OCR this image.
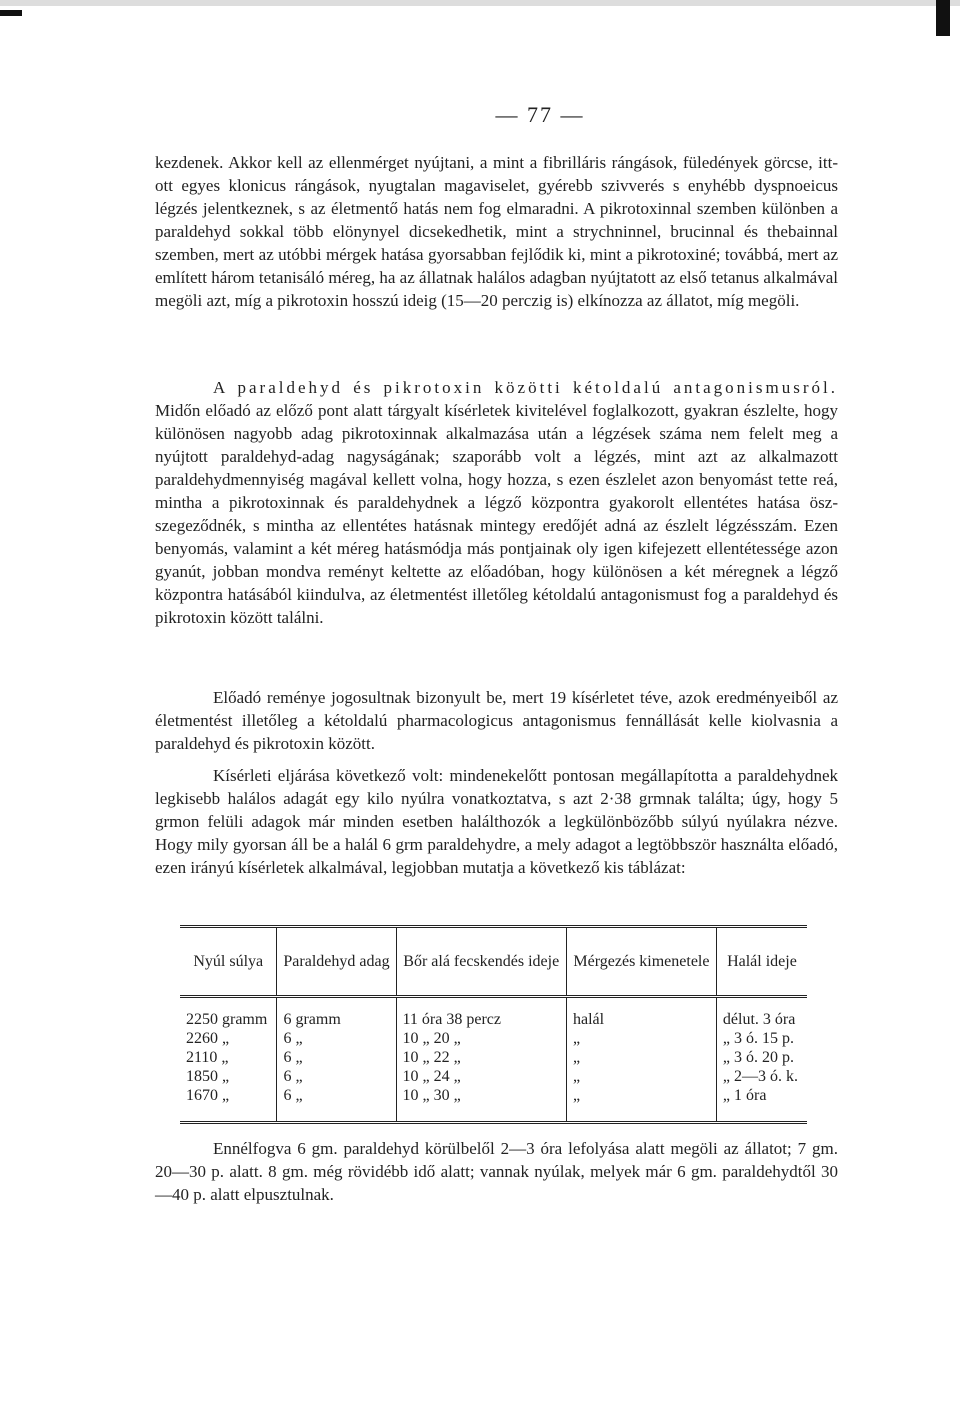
— 77 —

kezdenek. Akkor kell az ellenmérget nyújtani, a mint a fibrilláris rángások, füledények görcse, itt-ott egyes klonicus rángások, nyugtalan magaviselet, gyérebb szivverés s enyhébb dyspnoeicus légzés jelentkeznek, s az életmentő hatás nem fog elmaradni. A pikrotoxinnal szemben különben a paraldehyd sokkal több elönynyel dicsekedhetik, mint a strychninnel, brucinnal és thebainnal szemben, mert az utóbbi mérgek hatása gyorsabban fejlődik ki, mint a pikrotoxiné; továbbá, mert az említett három tetanisáló méreg, ha az állatnak halálos adagban nyújtatott az első tetanus alkalmával megöli azt, míg a pikrotoxin hosszú ideig (15—20 perczig is) elkínozza az állatot, míg megöli.

A paraldehyd és pikrotoxin közötti kétoldalú antagonismusról. Midőn előadó az előző pont alatt tárgyalt kísérletek kivitelével foglalkozott, gyakran észlelte, hogy különösen nagyobb adag pikrotoxinnak alkalmazása után a légzések száma nem felelt meg a nyújtott paraldehyd-adag nagyságának; szaporább volt a légzés, mint azt az alkalmazott paraldehydmennyiség magával kellett volna, hogy hozza, s ezen észlelet azon benyomást tette reá, mintha a pikrotoxinnak és paraldehydnek a légző központra gyakorolt ellentétes hatása öszszegeződnék, s mintha az ellentétes hatásnak mintegy eredőjét adná az észlelt légzésszám. Ezen benyomás, valamint a két méreg hatásmódja más pontjainak oly igen kifejezett ellentétessége azon gyanút, jobban mondva reményt keltette az előadóban, hogy különösen a két méregnek a légző központra hatásából kiindulva, az életmentést illetőleg kétoldalú antagonismust fog a paraldehyd és pikrotoxin között találni.

Előadó reménye jogosultnak bizonyult be, mert 19 kísérletet téve, azok eredményeiből az életmentést illetőleg a kétoldalú pharmacologicus antagonismus fennállását kelle kiolvasnia a paraldehyd és pikrotoxin között.

Kísérleti eljárása következő volt: mindenekelőtt pontosan megállapította a paraldehydnek legkisebb halálos adagát egy kilo nyúlra vonatkoztatva, s azt 2·38 grmnak találta; úgy, hogy 5 grmon felüli adagok már minden esetben halálthozók a legkülönbözőbb súlyú nyúlakra nézve. Hogy mily gyorsan áll be a halál 6 grm paraldehydre, a mely adagot a legtöbbször használta előadó, ezen irányú kísérletek alkalmával, legjobban mutatja a következő kis táblázat:

Nyúl súlya	Paraldehyd adag	Bőr alá fecskendés ideje	Mérgezés kimenetele	Halál ideje
2250 gramm	6 gramm	11 óra 38 percz	halál	délut. 3 óra
2260 „	6 „	10 „ 20 „	„	„ 3 ó. 15 p.
2110 „	6 „	10 „ 22 „	„	„ 3 ó. 20 p.
1850 „	6 „	10 „ 24 „	„	„ 2—3 ó. k.
1670 „	6 „	10 „ 30 „	„	„ 1 óra

Ennélfogva 6 gm. paraldehyd körülbelől 2—3 óra lefolyása alatt megöli az állatot; 7 gm. 20—30 p. alatt. 8 gm. még rövidébb idő alatt; vannak nyúlak, melyek már 6 gm. paraldehydtől 30—40 p. alatt elpusztulnak.
